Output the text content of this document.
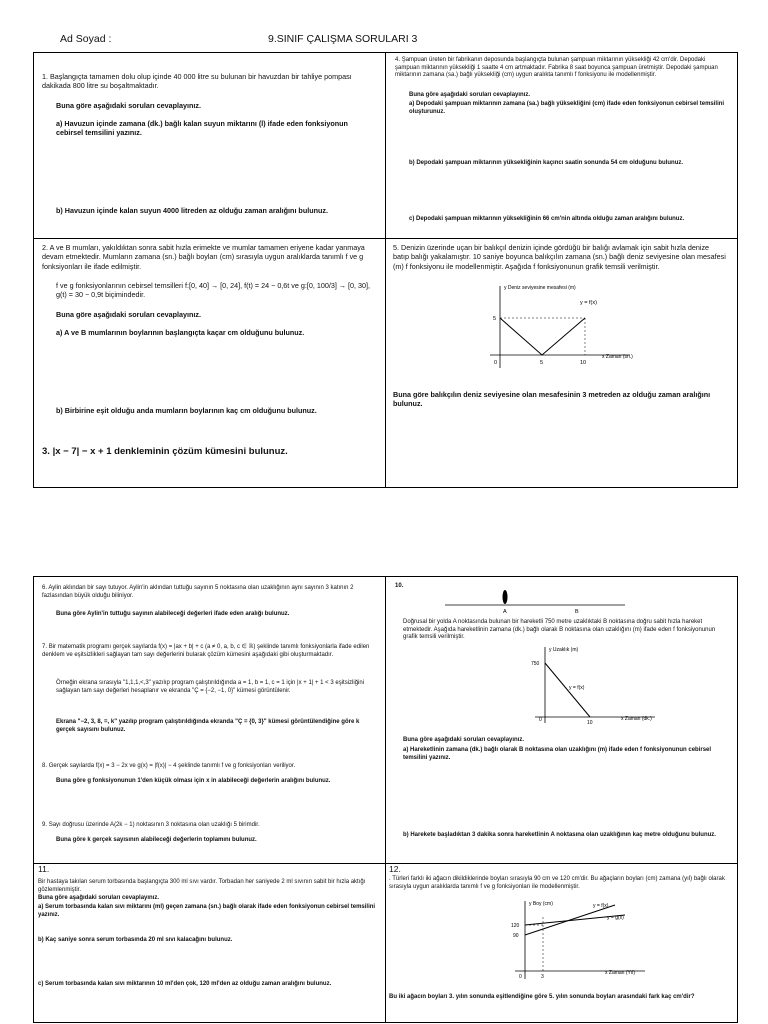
Ad Soyad :	9.SINIF ÇALIŞMA SORULARI 3
1. Başlangıçta tamamen dolu olup içinde 40 000 litre su bulunan bir havuzdan bir tahliye pompası dakikada 800 litre su boşaltmaktadır.
Buna göre aşağıdaki soruları cevaplayınız.
a) Havuzun içinde zamana (dk.) bağlı kalan suyun miktarını (l) ifade eden fonksiyonun cebirsel temsilini yazınız.
b) Havuzun içinde kalan suyun 4000 litreden az olduğu zaman aralığını bulunuz.
4. Şampuan üreten bir fabrikanın deposunda başlangıçta bulunan şampuan miktarının yüksekliği 42 cm'dir. Depodaki şampuan miktarının yüksekliği 1 saatte 4 cm artmaktadır. Fabrika 8 saat boyunca şampuan üretmiştir. Depodaki şampuan miktarının zamana (sa.) bağlı yüksekliği (cm) uygun aralıkta tanımlı f fonksiyonu ile modellenmiştir.
Buna göre aşağıdaki soruları cevaplayınız.
a) Depodaki şampuan miktarının zamana (sa.) bağlı yüksekliğini (cm) ifade eden fonksiyonun cebirsel temsilini oluşturunuz.
b) Depodaki şampuan miktarının yüksekliğinin kaçıncı saatin sonunda 54 cm olduğunu bulunuz.
c) Depodaki şampuan miktarının yüksekliğinin 66 cm'nin altında olduğu zaman aralığını bulunuz.
2. A ve B mumları, yakıldıktan sonra sabit hızla erimekte ve mumlar tamamen eriyene kadar yanmaya devam etmektedir. Mumların zamana (sn.) bağlı boyları (cm) sırasıyla uygun aralıklarda tanımlı f ve g fonksiyonları ile ifade edilmiştir.
f ve g fonksiyonlarının cebirsel temsilleri f:[0, 40] → [0, 24], f(t) = 24 − 0,6t ve g:[0, 100/3] → [0, 30], g(t) = 30 − 0,9t biçimindedir.
Buna göre aşağıdaki soruları cevaplayınız.
a) A ve B mumlarının boylarının başlangıçta kaçar cm olduğunu bulunuz.
b) Birbirine eşit olduğu anda mumların boylarının kaç cm olduğunu bulunuz.
3. |x − 7| − x + 1 denkleminin çözüm kümesini bulunuz.
5. Denizin üzerinde uçan bir balıkçıl denizin içinde gördüğü bir balığı avlamak için sabit hızla denize batıp balığı yakalamıştır. 10 saniye boyunca balıkçılın zamana (sn.) bağlı deniz seviyesine olan mesafesi (m) f fonksiyonu ile modellenmiştir. Aşağıda f fonksiyonunun grafik temsili verilmiştir.
y Deniz seviyesine mesafesi (m)
y = f(x)
5
0	5	10
x Zaman (sn.)
Buna göre balıkçılın deniz seviyesine olan mesafesinin 3 metreden az olduğu zaman aralığını bulunuz.
6. Aylin aklından bir sayı tutuyor. Aylin'in aklından tuttuğu sayının 5 noktasına olan uzaklığının aynı sayının 3 katının 2 fazlasından büyük olduğu biliniyor.
Buna göre Aylin'in tuttuğu sayının alabileceği değerleri ifade eden aralığı bulunuz.
7. Bir matematik programı gerçek sayılarda f(x) = |ax + b| + c (a ≠ 0, a, b, c ∈ ℝ) şeklinde tanımlı fonksiyonlarla ifade edilen denklem ve eşitsizlikleri sağlayan tam sayı değerlerini bularak çözüm kümesini aşağıdaki gibi oluşturmaktadır.
Örneğin ekrana sırasıyla "1,1,1,<,3" yazılıp program çalıştırıldığında a = 1, b = 1, c = 1 için |x + 1| + 1 < 3 eşitsizliğini sağlayan tam sayı değerleri hesaplanır ve ekranda "Ç = {−2, −1, 0}" kümesi görüntülenir.
Ekrana "−2, 3, 8, =, k" yazılıp program çalıştırıldığında ekranda "Ç = {0, 3}" kümesi görüntülendiğine göre k gerçek sayısını bulunuz.
8. Gerçek sayılarda f(x) = 3 − 2x ve g(x) = |f(x)| − 4 şeklinde tanımlı f ve g fonksiyonları veriliyor.
Buna göre g fonksiyonunun 1'den küçük olması için x in alabileceği değerlerin aralığını bulunuz.
9. Sayı doğrusu üzerinde A(2k − 1) noktasının 3 noktasına olan uzaklığı 5 birimdir.
Buna göre k gerçek sayısının alabileceği değerlerin toplamını bulunuz.
10.
A	B
Doğrusal bir yolda A noktasında bulunan bir hareketli 750 metre uzaklıktaki B noktasına doğru sabit hızla hareket etmektedir. Aşağıda hareketlinin zamana (dk.) bağlı olarak B noktasına olan uzaklığını (m) ifade eden f fonksiyonunun grafik temsili verilmiştir.
y Uzaklık (m)
750
y = f(x)
0	10
x Zaman (dk.)
Buna göre aşağıdaki soruları cevaplayınız.
a) Hareketlinin zamana (dk.) bağlı olarak B noktasına olan uzaklığını (m) ifade eden f fonksiyonunun cebirsel temsilini yazınız.
b) Harekete başladıktan 3 dakika sonra hareketlinin A noktasına olan uzaklığının kaç metre olduğunu bulunuz.
11.
Bir hastaya takılan serum torbasında başlangıçta 300 ml sıvı vardır. Torbadan her saniyede 2 ml sıvının sabit bir hızla aktığı gözlemlenmiştir.
Buna göre aşağıdaki soruları cevaplayınız.
a) Serum torbasında kalan sıvı miktarını (ml) geçen zamana (sn.) bağlı olarak ifade eden fonksiyonun cebirsel temsilini yazınız.
b) Kaç saniye sonra serum torbasında 20 ml sıvı kalacağını bulunuz.
c) Serum torbasında kalan sıvı miktarının 10 ml'den çok, 120 ml'den az olduğu zaman aralığını bulunuz.
12.
. Türleri farklı iki ağacın dikildiklerinde boyları sırasıyla 90 cm ve 120 cm'dir. Bu ağaçların boyları (cm) zamana (yıl) bağlı olarak sırasıyla uygun aralıklarda tanımlı f ve g fonksiyonları ile modellenmiştir.
y Boy (cm)	y = f(x)
y = g(x)
120
90
0	3
x Zaman (Yıl)
Bu iki ağacın boyları 3. yılın sonunda eşitlendiğine göre 5. yılın sonunda boyları arasındaki fark kaç cm'dir?
